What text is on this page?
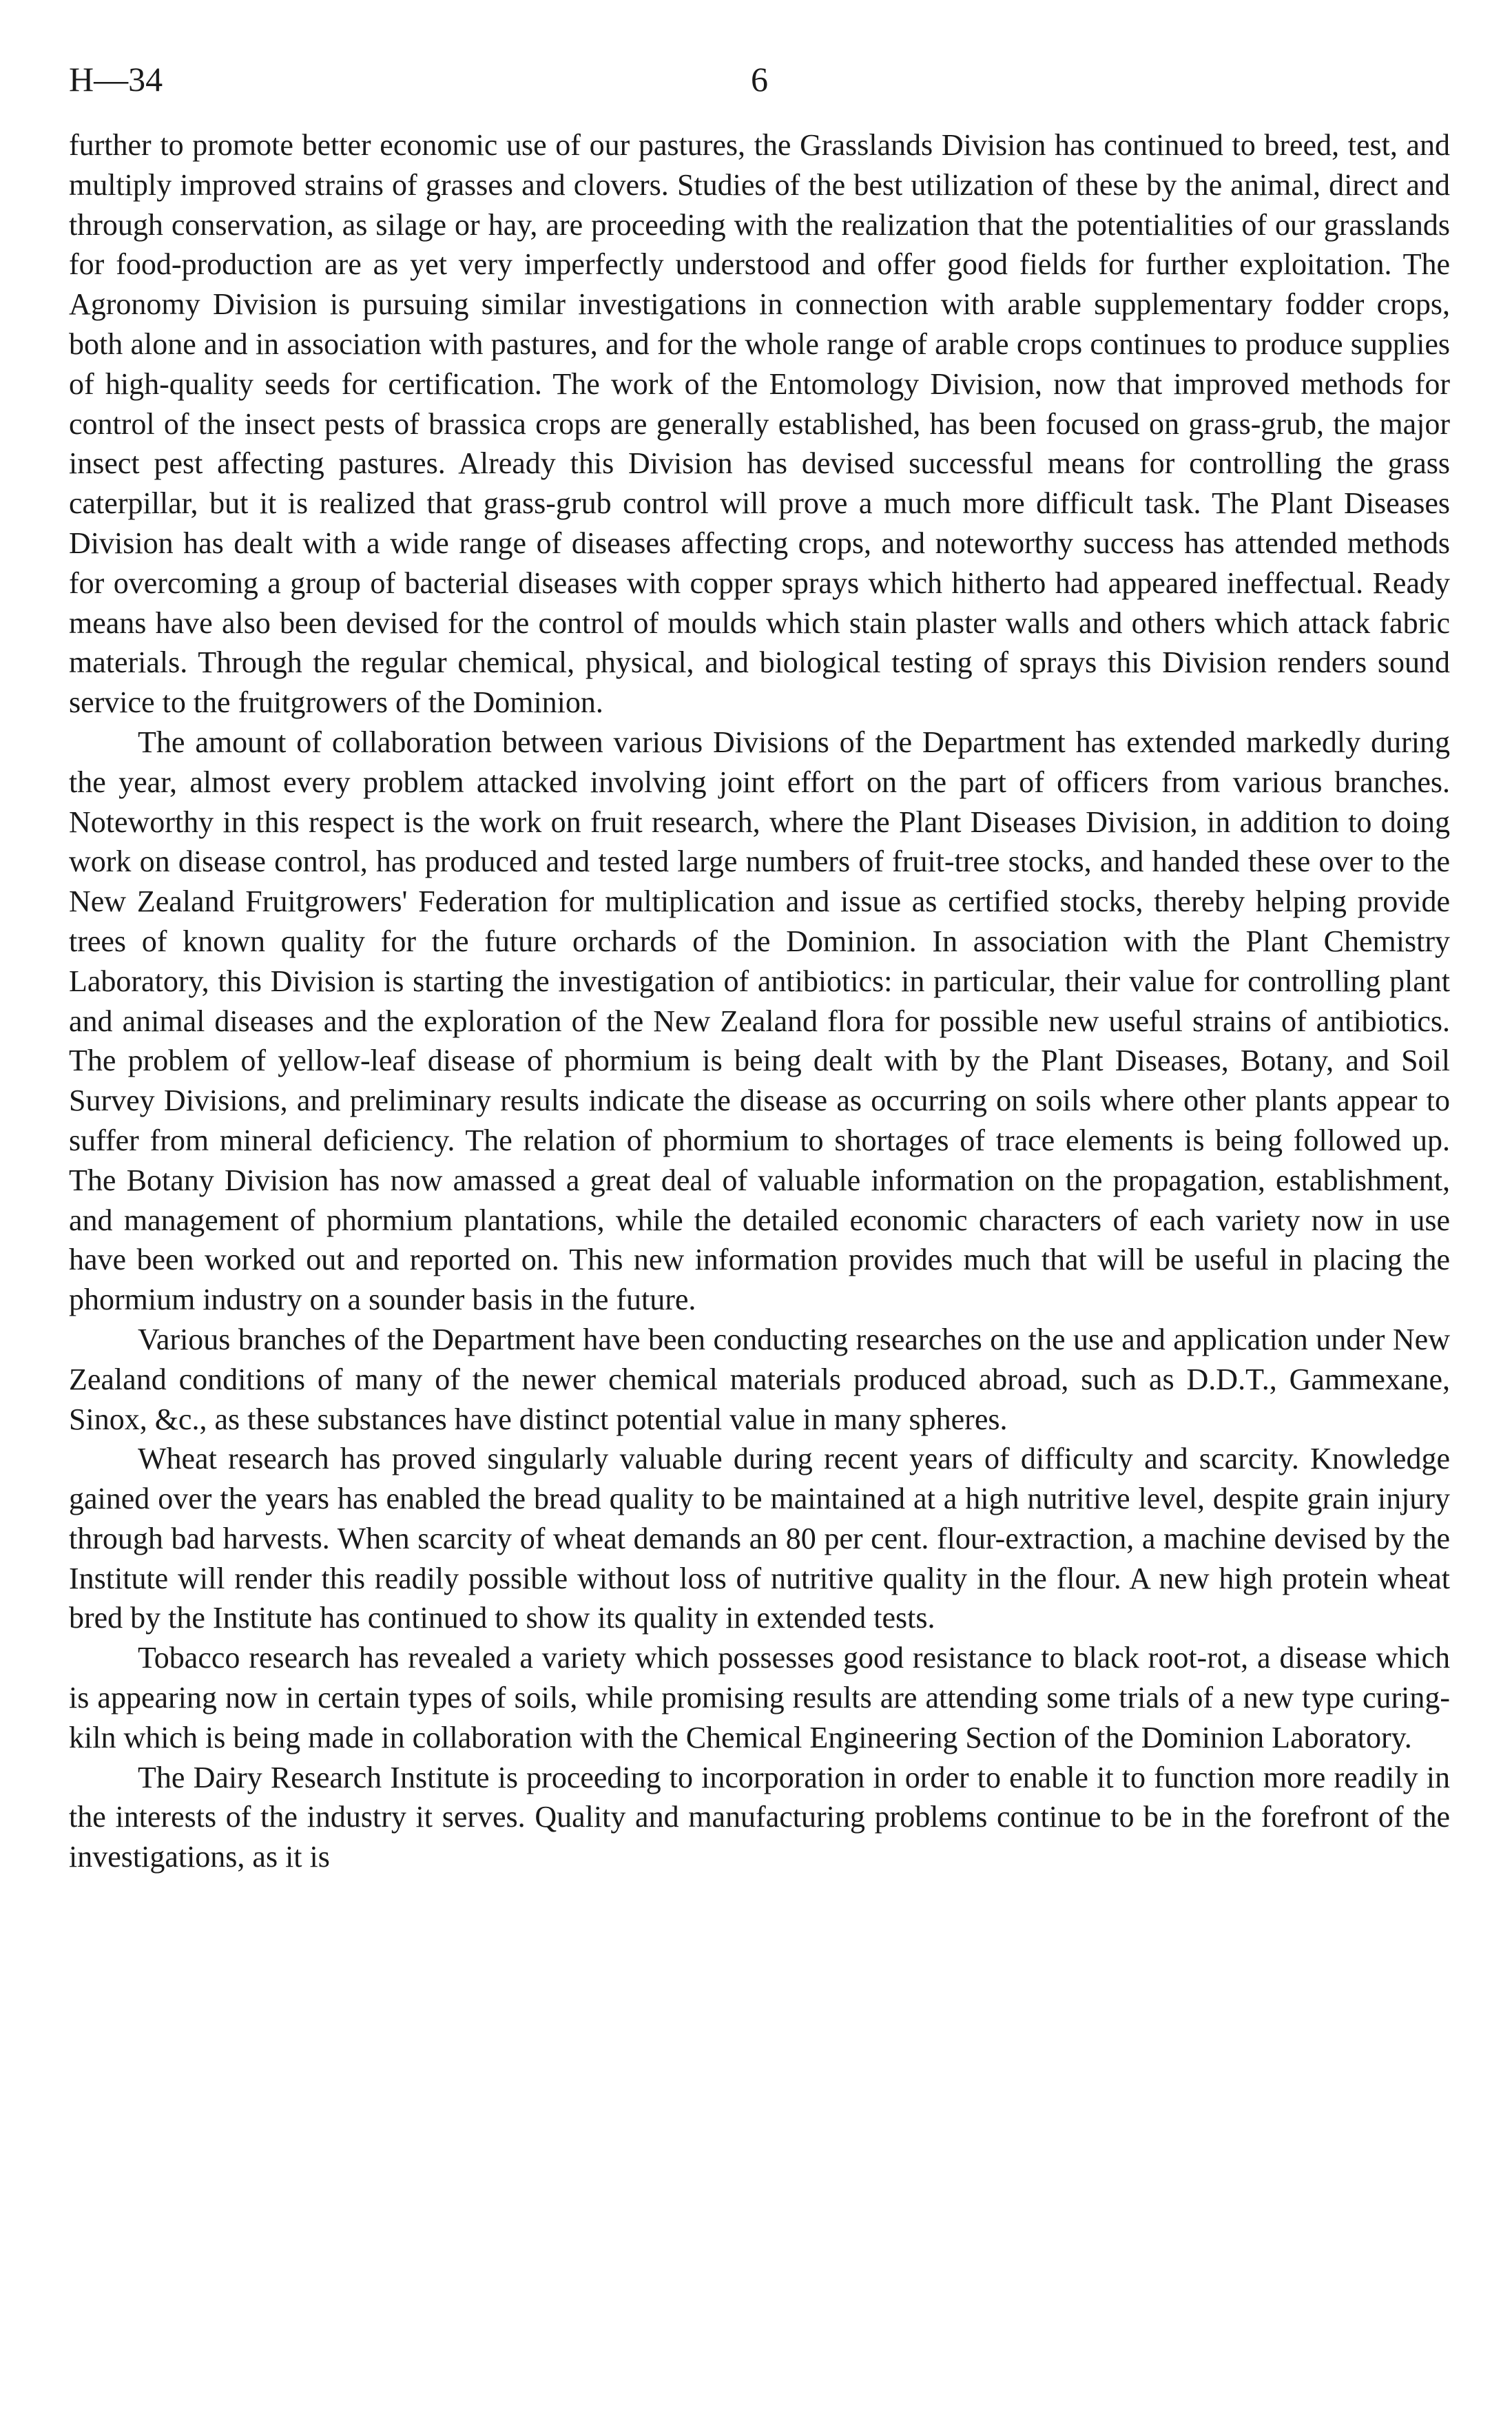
H—34	6

further to promote better economic use of our pastures, the Grasslands Division has continued to breed, test, and multiply improved strains of grasses and clovers. Studies of the best utilization of these by the animal, direct and through conservation, as silage or hay, are proceeding with the realization that the potentialities of our grasslands for food-production are as yet very imperfectly understood and offer good fields for further exploitation. The Agronomy Division is pursuing similar investigations in connection with arable supplementary fodder crops, both alone and in association with pastures, and for the whole range of arable crops continues to produce supplies of high-quality seeds for certification. The work of the Entomology Division, now that improved methods for control of the insect pests of brassica crops are generally established, has been focused on grass-grub, the major insect pest affecting pastures. Already this Division has devised successful means for controlling the grass caterpillar, but it is realized that grass-grub control will prove a much more difficult task. The Plant Diseases Division has dealt with a wide range of diseases affecting crops, and noteworthy success has attended methods for overcoming a group of bacterial diseases with copper sprays which hitherto had appeared ineffectual. Ready means have also been devised for the control of moulds which stain plaster walls and others which attack fabric materials. Through the regular chemical, physical, and biological testing of sprays this Division renders sound service to the fruitgrowers of the Dominion.

The amount of collaboration between various Divisions of the Department has extended markedly during the year, almost every problem attacked involving joint effort on the part of officers from various branches. Noteworthy in this respect is the work on fruit research, where the Plant Diseases Division, in addition to doing work on disease control, has produced and tested large numbers of fruit-tree stocks, and handed these over to the New Zealand Fruitgrowers' Federation for multiplication and issue as certified stocks, thereby helping provide trees of known quality for the future orchards of the Dominion. In association with the Plant Chemistry Laboratory, this Division is starting the investigation of antibiotics: in particular, their value for controlling plant and animal diseases and the exploration of the New Zealand flora for possible new useful strains of antibiotics. The problem of yellow-leaf disease of phormium is being dealt with by the Plant Diseases, Botany, and Soil Survey Divisions, and preliminary results indicate the disease as occurring on soils where other plants appear to suffer from mineral deficiency. The relation of phormium to shortages of trace elements is being followed up. The Botany Division has now amassed a great deal of valuable information on the propagation, establishment, and management of phormium plantations, while the detailed economic characters of each variety now in use have been worked out and reported on. This new information provides much that will be useful in placing the phormium industry on a sounder basis in the future.

Various branches of the Department have been conducting researches on the use and application under New Zealand conditions of many of the newer chemical materials produced abroad, such as D.D.T., Gammexane, Sinox, &c., as these substances have distinct potential value in many spheres.

Wheat research has proved singularly valuable during recent years of difficulty and scarcity. Knowledge gained over the years has enabled the bread quality to be maintained at a high nutritive level, despite grain injury through bad harvests. When scarcity of wheat demands an 80 per cent. flour-extraction, a machine devised by the Institute will render this readily possible without loss of nutritive quality in the flour. A new high protein wheat bred by the Institute has continued to show its quality in extended tests.

Tobacco research has revealed a variety which possesses good resistance to black root-rot, a disease which is appearing now in certain types of soils, while promising results are attending some trials of a new type curing-kiln which is being made in collaboration with the Chemical Engineering Section of the Dominion Laboratory.

The Dairy Research Institute is proceeding to incorporation in order to enable it to function more readily in the interests of the industry it serves. Quality and manufacturing problems continue to be in the forefront of the investigations, as it is
